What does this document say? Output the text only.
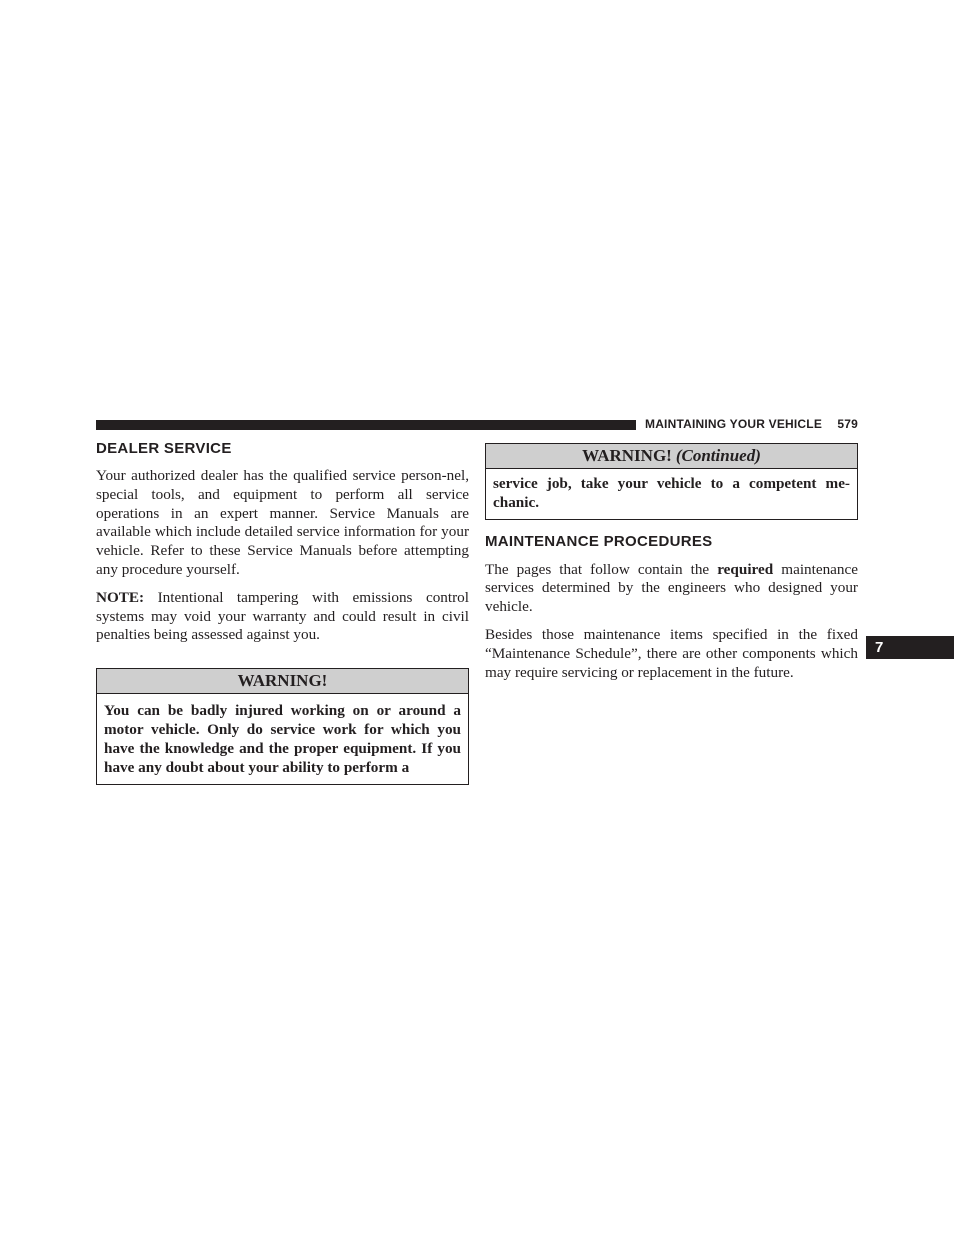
MAINTAINING YOUR VEHICLE 579
DEALER SERVICE

Your authorized dealer has the qualified service person-nel, special tools, and equipment to perform all service operations in an expert manner. Service Manuals are available which include detailed service information for your vehicle. Refer to these Service Manuals before attempting any procedure yourself.

NOTE: Intentional tampering with emissions control systems may void your warranty and could result in civil penalties being assessed against you.

WARNING!
You can be badly injured working on or around a motor vehicle. Only do service work for which you have the knowledge and the proper equipment. If you have any doubt about your ability to perform a
WARNING! (Continued)
service job, take your vehicle to a competent me-chanic.
MAINTENANCE PROCEDURES

The pages that follow contain the required maintenance services determined by the engineers who designed your vehicle.

Besides those maintenance items specified in the fixed “Maintenance Schedule”, there are other components which may require servicing or replacement in the future.

7
